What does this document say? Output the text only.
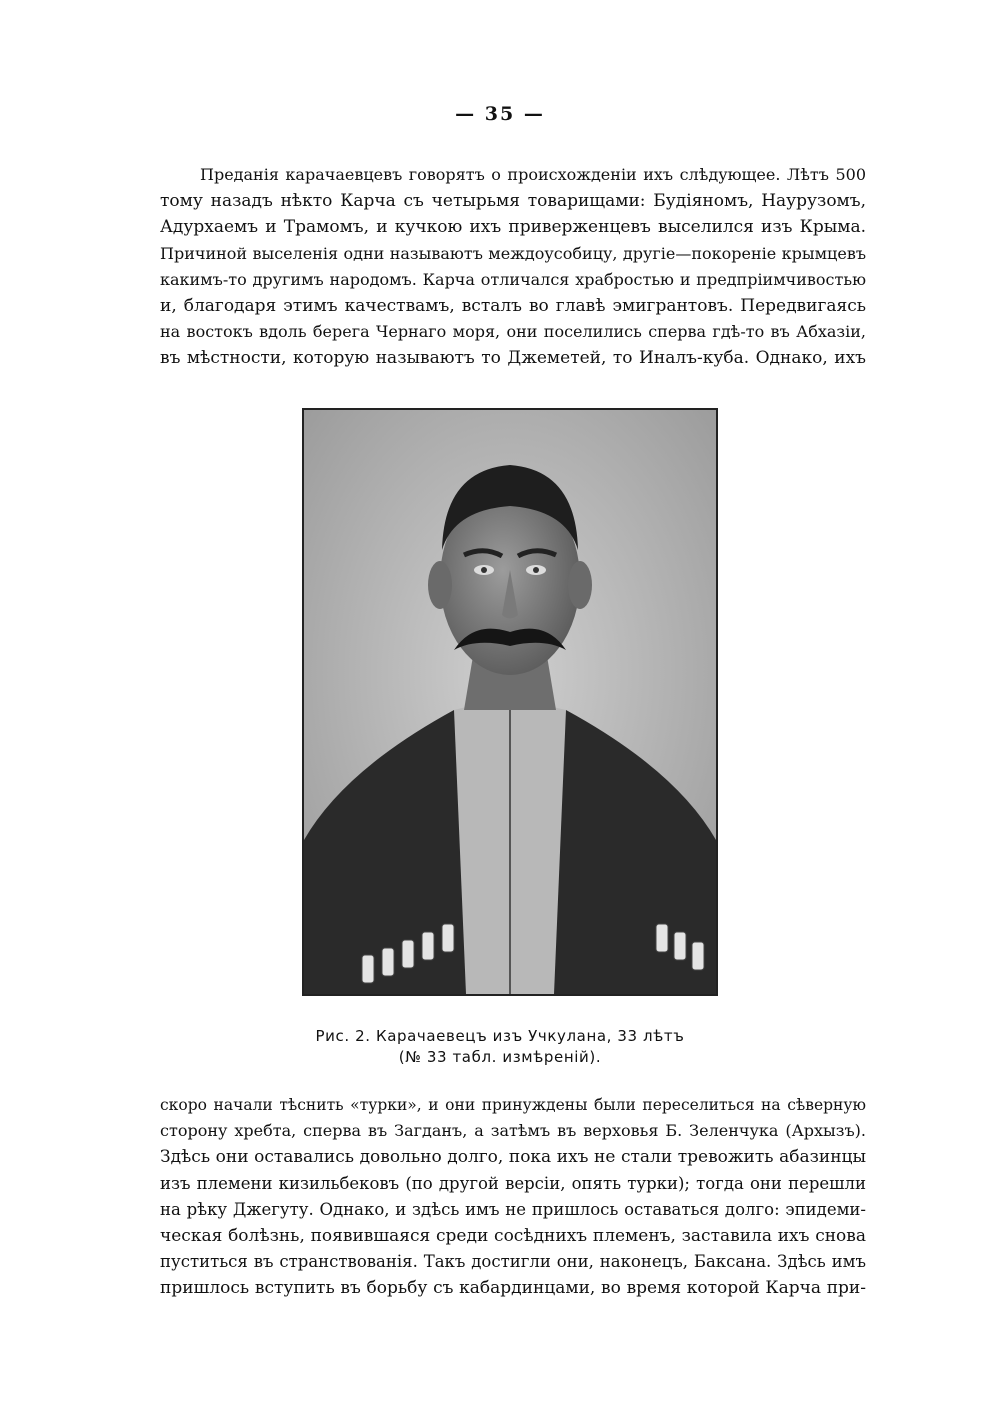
— 35 —
Преданія карачаевцевъ говорятъ о происхожденіи ихъ слѣдующее. Лѣтъ 500
тому назадъ нѣкто Карча съ четырьмя товарищами: Будіяномъ, Наурузомъ,
Адурхаемъ и Трамомъ, и кучкою ихъ приверженцевъ выселился изъ Крыма.
Причиной выселенія одни называютъ междоусобицу, другіе—покореніе крымцевъ
какимъ-то другимъ народомъ. Карча отличался храбростью и предпріимчивостью
и, благодаря этимъ качествамъ, всталъ во главѣ эмигрантовъ. Передвигаясь
на востокъ вдоль берега Чернаго моря, они поселились сперва гдѣ-то въ Абхазіи,
въ мѣстности, которую называютъ то Джеметей, то Иналъ-куба. Однако, ихъ
Рис. 2. Карачаевецъ изъ Учкулана, 33 лѣтъ
(№ 33 табл. измѣреній).
скоро начали тѣснить «турки», и они принуждены были переселиться на сѣверную
сторону хребта, сперва въ Загданъ, а затѣмъ въ верховья Б. Зеленчука (Архызъ).
Здѣсь они оставались довольно долго, пока ихъ не стали тревожить абазинцы
изъ племени кизильбековъ (по другой версіи, опять турки); тогда они перешли
на рѣку Джегуту. Однако, и здѣсь имъ не пришлось оставаться долго: эпидеми-
ческая болѣзнь, появившаяся среди сосѣднихъ племенъ, заставила ихъ снова
пуститься въ странствованія. Такъ достигли они, наконецъ, Баксана. Здѣсь имъ
пришлось вступить въ борьбу съ кабардинцами, во время которой Карча при-
